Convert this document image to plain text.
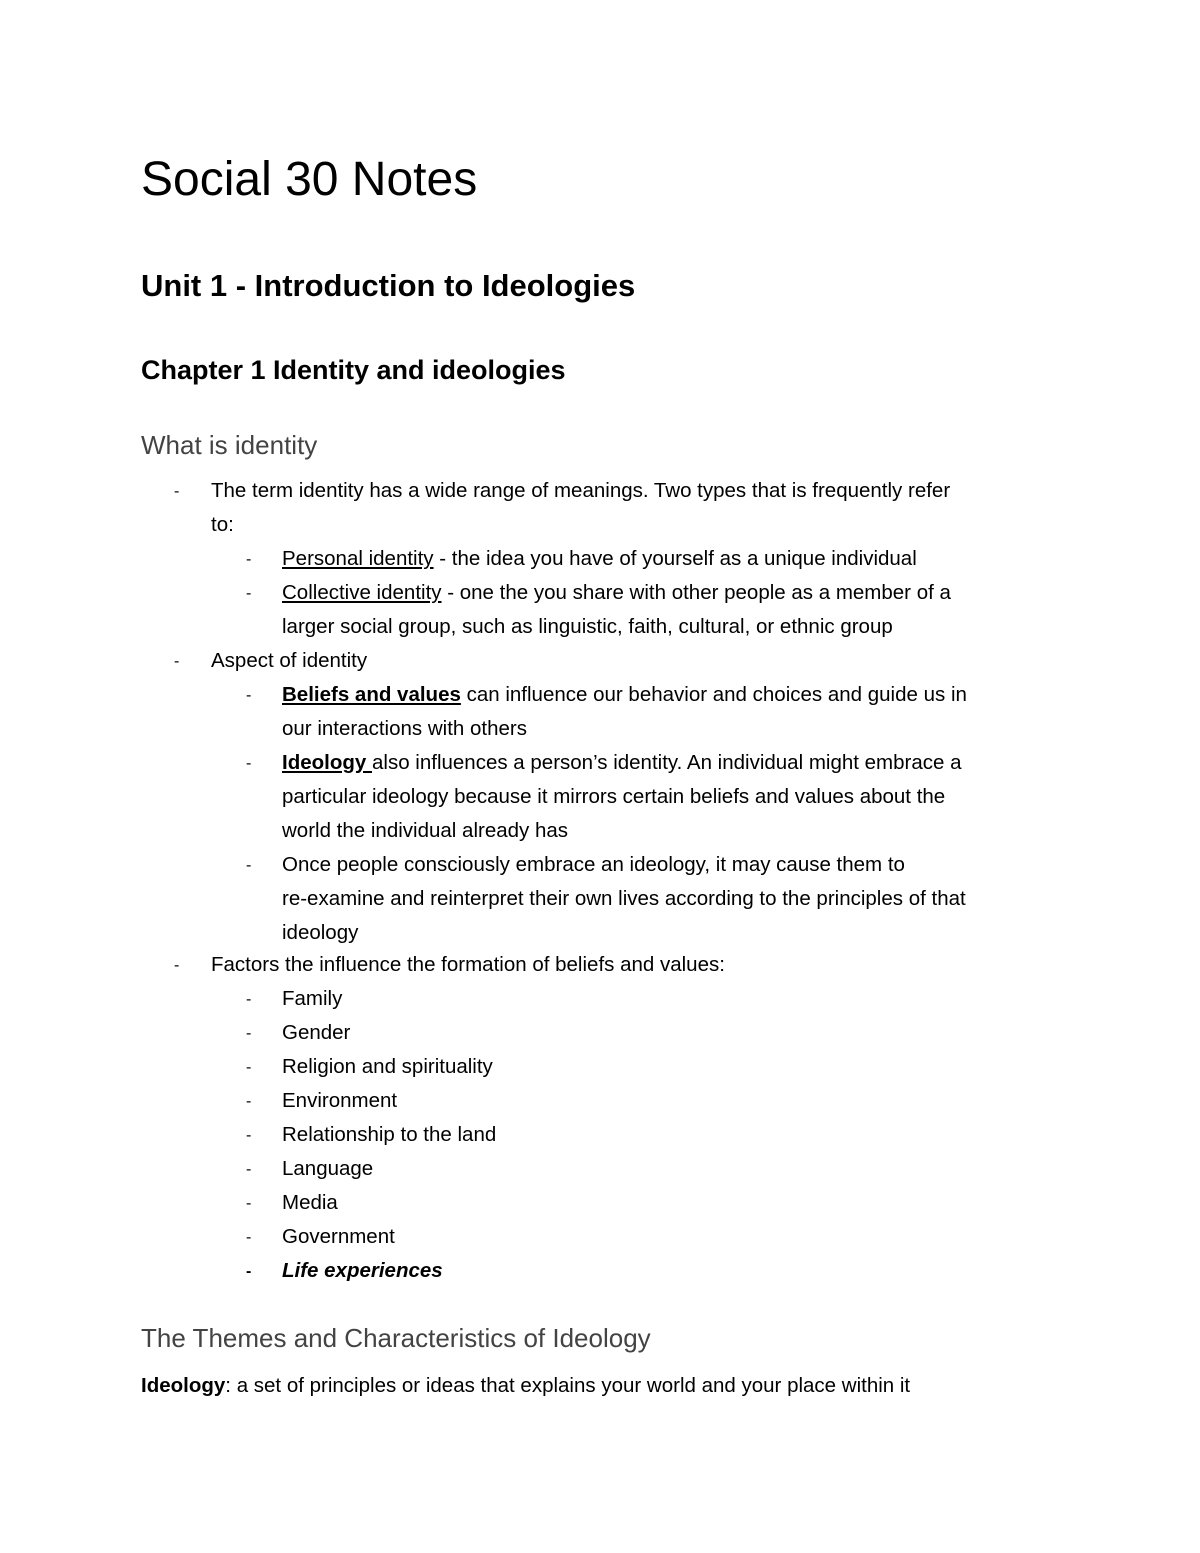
Social 30 Notes
Unit 1 - Introduction to Ideologies
Chapter 1 Identity and ideologies
What is identity
- The term identity has a wide range of meanings. Two types that is frequently refer
to:
- Personal identity - the idea you have of yourself as a unique individual
- Collective identity - one the you share with other people as a member of a
larger social group, such as linguistic, faith, cultural, or ethnic group
- Aspect of identity
- Beliefs and values can influence our behavior and choices and guide us in
our interactions with others
- Ideology also influences a person’s identity. An individual might embrace a
particular ideology because it mirrors certain beliefs and values about the
world the individual already has
- Once people consciously embrace an ideology, it may cause them to
re-examine and reinterpret their own lives according to the principles of that
ideology
- Factors the influence the formation of beliefs and values:
- Family
- Gender
- Religion and spirituality
- Environment
- Relationship to the land
- Language
- Media
- Government
- Life experiences
The Themes and Characteristics of Ideology
Ideology: a set of principles or ideas that explains your world and your place within it
